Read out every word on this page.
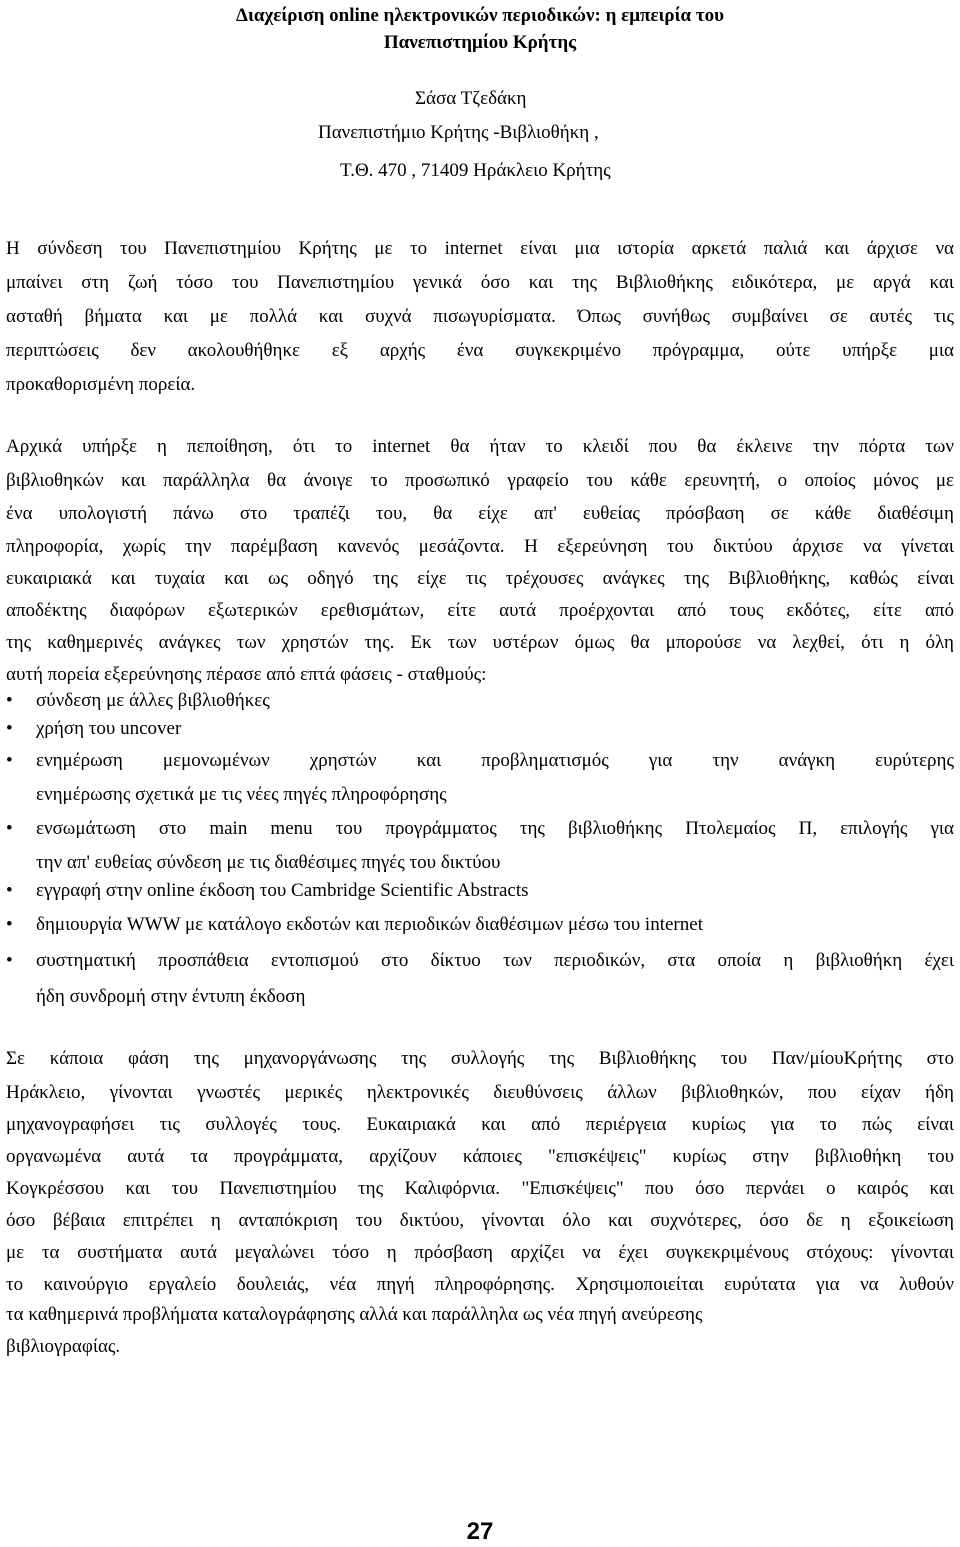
Διαχείριση online ηλεκτρονικών περιοδικών: η εμπειρία του
Πανεπιστημίου Κρήτης
Σάσα Τζεδάκη
Πανεπιστήμιο Κρήτης -Βιβλιοθήκη ,
Τ.Θ. 470 , 71409 Ηράκλειο Κρήτης
Η σύνδεση του Πανεπιστημίου Κρήτης με το internet είναι μια ιστορία αρκετά παλιά και άρχισε να
μπαίνει στη ζωή τόσο του Πανεπιστημίου γενικά όσο και της Βιβλιοθήκης ειδικότερα, με αργά και
ασταθή βήματα και με πολλά και συχνά πισωγυρίσματα. Όπως συνήθως συμβαίνει σε αυτές τις
περιπτώσεις δεν ακολουθήθηκε εξ αρχής ένα συγκεκριμένο πρόγραμμα, ούτε υπήρξε μια
προκαθορισμένη πορεία.
Αρχικά υπήρξε η πεποίθηση, ότι το internet θα ήταν το κλειδί που θα έκλεινε την πόρτα των
βιβλιοθηκών και παράλληλα θα άνοιγε το προσωπικό γραφείο του κάθε ερευνητή, ο οποίος μόνος με
ένα υπολογιστή πάνω στο τραπέζι του, θα είχε απ' ευθείας πρόσβαση σε κάθε διαθέσιμη
πληροφορία, χωρίς την παρέμβαση κανενός μεσάζοντα. Η εξερεύνηση του δικτύου άρχισε να γίνεται
ευκαιριακά και τυχαία και ως οδηγό της είχε τις τρέχουσες ανάγκες της Βιβλιοθήκης, καθώς είναι
αποδέκτης διαφόρων εξωτερικών ερεθισμάτων, είτε αυτά προέρχονται από τους εκδότες, είτε από
της καθημερινές ανάγκες των χρηστών της. Εκ των υστέρων όμως θα μπορούσε να λεχθεί, ότι η όλη
αυτή πορεία εξερεύνησης πέρασε από επτά φάσεις - σταθμούς:
• σύνδεση με άλλες βιβλιοθήκες
• χρήση του uncover
• ενημέρωση μεμονωμένων χρηστών και προβληματισμός για την ανάγκη ευρύτερης
ενημέρωσης σχετικά με τις νέες πηγές πληροφόρησης
• ενσωμάτωση στο main menu του προγράμματος της βιβλιοθήκης Πτολεμαίος Π, επιλογής για
την απ' ευθείας σύνδεση με τις διαθέσιμες πηγές του δικτύου
• εγγραφή στην online έκδοση του Cambridge Scientific Abstracts
• δημιουργία WWW με κατάλογο εκδοτών και περιοδικών διαθέσιμων μέσω του internet
• συστηματική προσπάθεια εντοπισμού στο δίκτυο των περιοδικών, στα οποία η βιβλιοθήκη έχει
ήδη συνδρομή στην έντυπη έκδοση
Σε κάποια φάση της μηχανοργάνωσης της συλλογής της Βιβλιοθήκης του Παν/μίουΚρήτης στο
Ηράκλειο, γίνονται γνωστές μερικές ηλεκτρονικές διευθύνσεις άλλων βιβλιοθηκών, που είχαν ήδη
μηχανογραφήσει τις συλλογές τους. Ευκαιριακά και από περιέργεια κυρίως για το πώς είναι
οργανωμένα αυτά τα προγράμματα, αρχίζουν κάποιες "επισκέψεις" κυρίως στην βιβλιοθήκη του
Κογκρέσσου και του Πανεπιστημίου της Καλιφόρνια. "Επισκέψεις" που όσο περνάει ο καιρός και
όσο βέβαια επιτρέπει η ανταπόκριση του δικτύου, γίνονται όλο και συχνότερες, όσο δε η εξοικείωση
με τα συστήματα αυτά μεγαλώνει τόσο η πρόσβαση αρχίζει να έχει συγκεκριμένους στόχους: γίνονται
το καινούργιο εργαλείο δουλειάς, νέα πηγή πληροφόρησης. Χρησιμοποιείται ευρύτατα για να λυθούν
τα καθημερινά προβλήματα καταλογράφησης αλλά και παράλληλα ως νέα πηγή ανεύρεσης
βιβλιογραφίας.
27
